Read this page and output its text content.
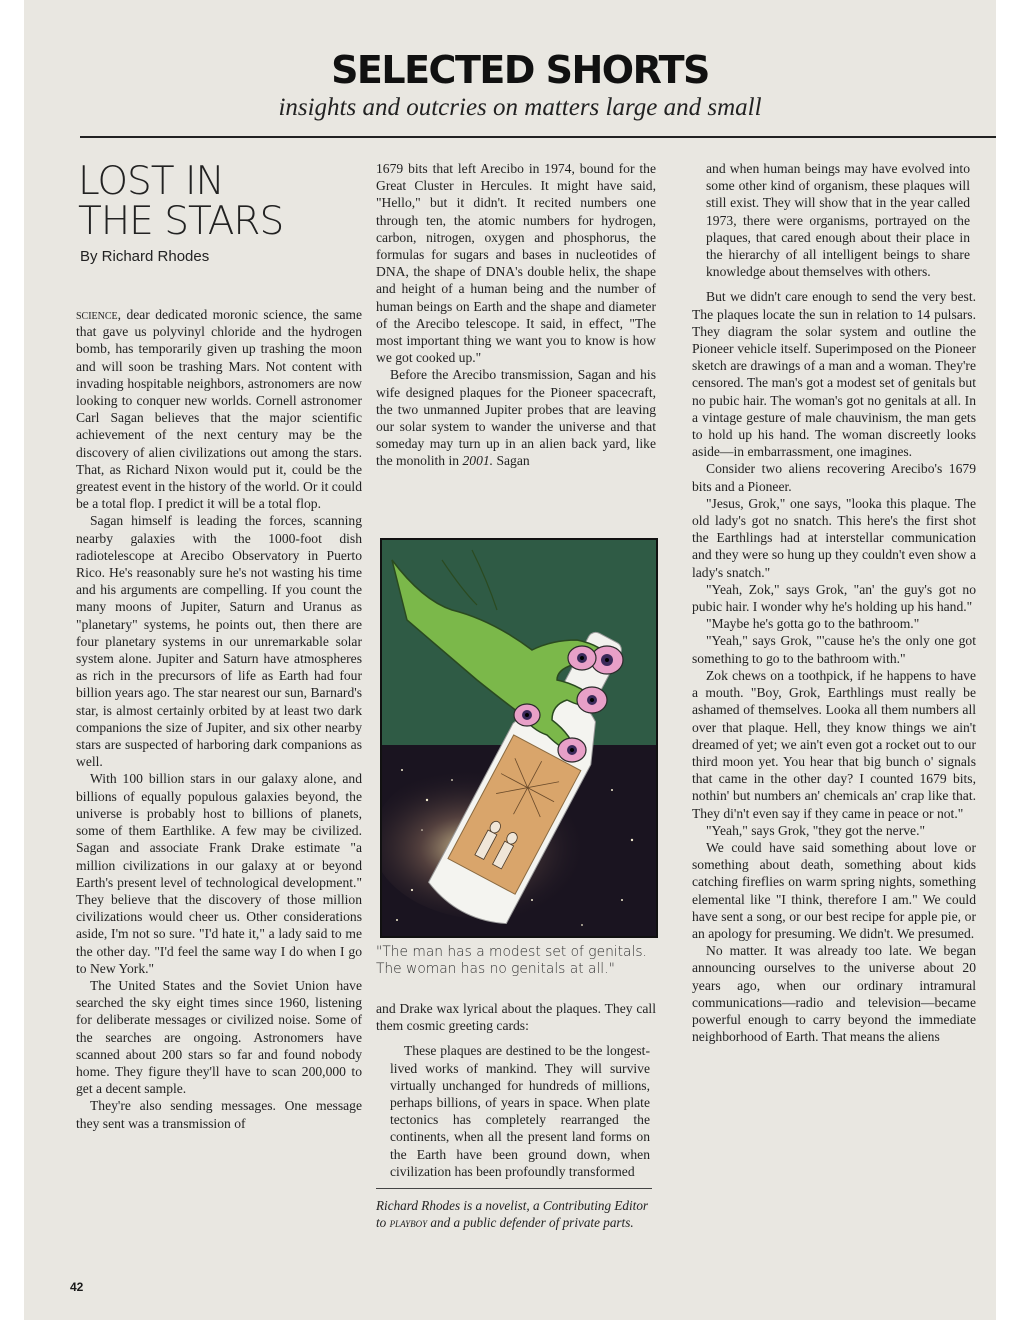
SELECTED SHORTS
insights and outcries on matters large and small
LOST IN
THE STARS
By Richard Rhodes

science, dear dedicated moronic science, the same that gave us polyvinyl chloride and the hydrogen bomb, has temporarily given up trashing the moon and will soon be trashing Mars. Not content with invading hospitable neighbors, astronomers are now looking to conquer new worlds. Cornell astronomer Carl Sagan believes that the major scientific achievement of the next century may be the discovery of alien civilizations out among the stars. That, as Richard Nixon would put it, could be the greatest event in the history of the world. Or it could be a total flop. I predict it will be a total flop.

Sagan himself is leading the forces, scanning nearby galaxies with the 1000-foot dish radiotelescope at Arecibo Observatory in Puerto Rico. He's reasonably sure he's not wasting his time and his arguments are compelling. If you count the many moons of Jupiter, Saturn and Uranus as "planetary" systems, he points out, then there are four planetary systems in our unremarkable solar system alone. Jupiter and Saturn have atmospheres as rich in the precursors of life as Earth had four billion years ago. The star nearest our sun, Barnard's star, is almost certainly orbited by at least two dark companions the size of Jupiter, and six other nearby stars are suspected of harboring dark companions as well.

With 100 billion stars in our galaxy alone, and billions of equally populous galaxies beyond, the universe is probably host to billions of planets, some of them Earthlike. A few may be civilized. Sagan and associate Frank Drake estimate "a million civilizations in our galaxy at or beyond Earth's present level of technological development." They believe that the discovery of those million civilizations would cheer us. Other considerations aside, I'm not so sure. "I'd hate it," a lady said to me the other day. "I'd feel the same way I do when I go to New York."

The United States and the Soviet Union have searched the sky eight times since 1960, listening for deliberate messages or civilized noise. Some of the searches are ongoing. Astronomers have scanned about 200 stars so far and found nobody home. They figure they'll have to scan 200,000 to get a decent sample.

They're also sending messages. One message they sent was a transmission of

1679 bits that left Arecibo in 1974, bound for the Great Cluster in Hercules. It might have said, "Hello," but it didn't. It recited numbers one through ten, the atomic numbers for hydrogen, carbon, nitrogen, oxygen and phosphorus, the formulas for sugars and bases in nucleotides of DNA, the shape of DNA's double helix, the shape and height of a human being and the number of human beings on Earth and the shape and diameter of the Arecibo telescope. It said, in effect, "The most important thing we want you to know is how we got cooked up."

Before the Arecibo transmission, Sagan and his wife designed plaques for the Pioneer spacecraft, the two unmanned Jupiter probes that are leaving our solar system to wander the universe and that someday may turn up in an alien back yard, like the monolith in 2001. Sagan

"The man has a modest set of genitals. The woman has no genitals at all."

and Drake wax lyrical about the plaques. They call them cosmic greeting cards:

These plaques are destined to be the longest-lived works of mankind. They will survive virtually unchanged for hundreds of millions, perhaps billions, of years in space. When plate tectonics has completely rearranged the continents, when all the present land forms on the Earth have been ground down, when civilization has been profoundly transformed

Richard Rhodes is a novelist, a Contributing Editor to playboy and a public defender of private parts.

and when human beings may have evolved into some other kind of organism, these plaques will still exist. They will show that in the year called 1973, there were organisms, portrayed on the plaques, that cared enough about their place in the hierarchy of all intelligent beings to share knowledge about themselves with others.

But we didn't care enough to send the very best. The plaques locate the sun in relation to 14 pulsars. They diagram the solar system and outline the Pioneer vehicle itself. Superimposed on the Pioneer sketch are drawings of a man and a woman. They're censored. The man's got a modest set of genitals but no pubic hair. The woman's got no genitals at all. In a vintage gesture of male chauvinism, the man gets to hold up his hand. The woman discreetly looks aside—in embarrassment, one imagines.

Consider two aliens recovering Arecibo's 1679 bits and a Pioneer.

"Jesus, Grok," one says, "looka this plaque. The old lady's got no snatch. This here's the first shot the Earthlings had at interstellar communication and they were so hung up they couldn't even show a lady's snatch."

"Yeah, Zok," says Grok, "an' the guy's got no pubic hair. I wonder why he's holding up his hand."

"Maybe he's gotta go to the bathroom."

"Yeah," says Grok, "'cause he's the only one got something to go to the bathroom with."

Zok chews on a toothpick, if he happens to have a mouth. "Boy, Grok, Earthlings must really be ashamed of themselves. Looka all them numbers all over that plaque. Hell, they know things we ain't dreamed of yet; we ain't even got a rocket out to our third moon yet. You hear that big bunch o' signals that came in the other day? I counted 1679 bits, nothin' but numbers an' chemicals an' crap like that. They di'n't even say if they came in peace or not."

"Yeah," says Grok, "they got the nerve."

We could have said something about love or something about death, something about kids catching fireflies on warm spring nights, something elemental like "I think, therefore I am." We could have sent a song, or our best recipe for apple pie, or an apology for presuming. We didn't. We presumed.

No matter. It was already too late. We began announcing ourselves to the universe about 20 years ago, when our ordinary intramural communications—radio and television—became powerful enough to carry beyond the immediate neighborhood of Earth. That means the aliens

42
